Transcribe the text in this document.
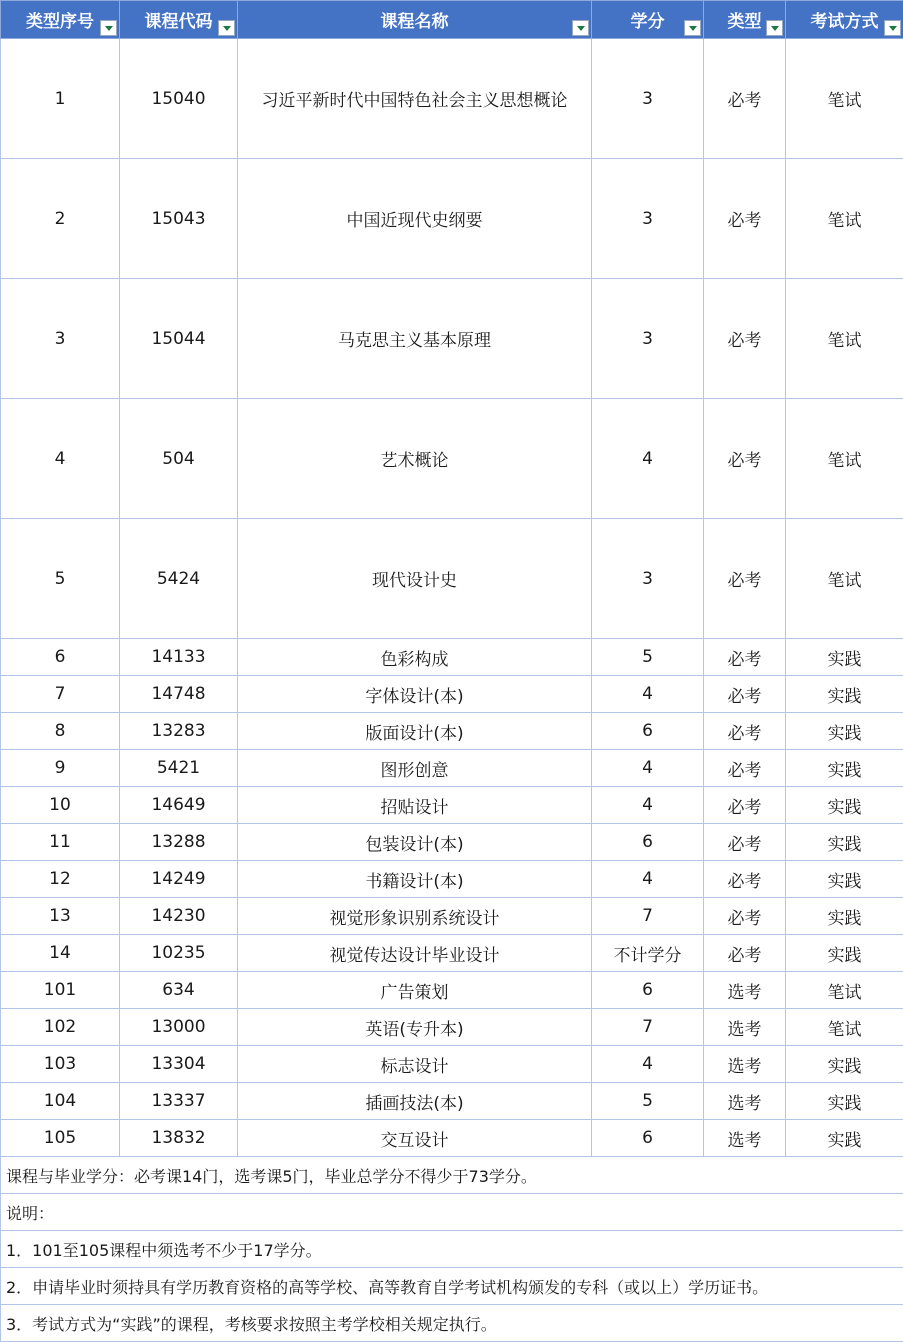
类型序号	课程代码	课程名称	学分	类型	考试方式

1	15040	习近平新时代中国特色社会主义思想概论	3	必考	笔试
2	15043	中国近现代史纲要	3	必考	笔试
3	15044	马克思主义基本原理	3	必考	笔试
4	504	艺术概论	4	必考	笔试
5	5424	现代设计史	3	必考	笔试
6	14133	色彩构成	5	必考	实践
7	14748	字体设计(本)	4	必考	实践
8	13283	版面设计(本)	6	必考	实践
9	5421	图形创意	4	必考	实践
10	14649	招贴设计	4	必考	实践
11	13288	包装设计(本)	6	必考	实践
12	14249	书籍设计(本)	4	必考	实践
13	14230	视觉形象识别系统设计	7	必考	实践
14	10235	视觉传达设计毕业设计	不计学分	必考	实践
101	634	广告策划	6	选考	笔试
102	13000	英语(专升本)	7	选考	笔试
103	13304	标志设计	4	选考	实践
104	13337	插画技法(本)	5	选考	实践
105	13832	交互设计	6	选考	实践
课程与毕业学分：必考课14门，选考课5门，毕业总学分不得少于73学分。					
说明：					
1．101至105课程中须选考不少于17学分。					
2．申请毕业时须持具有学历教育资格的高等学校、高等教育自学考试机构颁发的专科（或以上）学历证书。					
3．考试方式为“实践”的课程，考核要求按照主考学校相关规定执行。					
